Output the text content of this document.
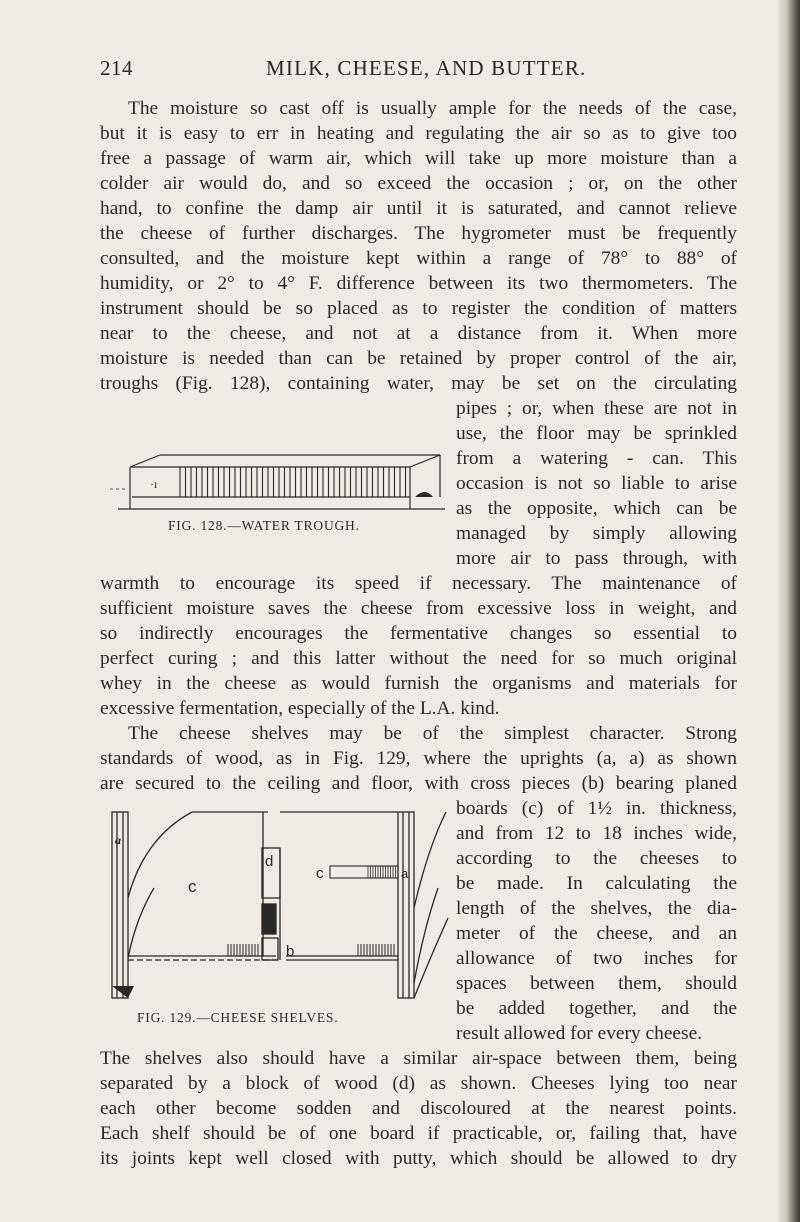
214	MILK, CHEESE, AND BUTTER.
The moisture so cast off is usually ample for the needs of the case,
but it is easy to err in heating and regulating the air so as to give too
free a passage of warm air, which will take up more moisture than a
colder air would do, and so exceed the occasion ; or, on the other
hand, to confine the damp air until it is saturated, and cannot relieve
the cheese of further discharges. The hygrometer must be frequently
consulted, and the moisture kept within a range of 78° to 88° of
humidity, or 2° to 4° F. difference between its two thermometers. The
instrument should be so placed as to register the condition of matters
near to the cheese, and not at a distance from it. When more
moisture is needed than can be retained by proper control of the air,
troughs (Fig. 128), containing water, may be set on the circulating
pipes ; or, when these are not in
use, the floor may be sprinkled
from a watering - can. This
occasion is not so liable to arise
as the opposite, which can be
managed by simply allowing
more air to pass through, with
·ı
FIG. 128.—WATER TROUGH.
warmth to encourage its speed if necessary. The maintenance of
sufficient moisture saves the cheese from excessive loss in weight, and
so indirectly encourages the fermentative changes so essential to
perfect curing ; and this latter without the need for so much original
whey in the cheese as would furnish the organisms and materials for
excessive fermentation, especially of the L.A. kind.
The cheese shelves may be of the simplest character. Strong
standards of wood, as in Fig. 129, where the uprights (a, a) as shown
are secured to the ceiling and floor, with cross pieces (b) bearing planed
boards (c) of 1½ in. thickness,
and from 12 to 18 inches wide,
according to the cheeses to
be made. In calculating the
length of the shelves, the dia-
meter of the cheese, and an
allowance of two inches for
spaces between them, should
be added together, and the
result allowed for every cheese.
a
c
d
b
c	a
FIG. 129.—CHEESE SHELVES.
The shelves also should have a similar air-space between them, being
separated by a block of wood (d) as shown. Cheeses lying too near
each other become sodden and discoloured at the nearest points.
Each shelf should be of one board if practicable, or, failing that, have
its joints kept well closed with putty, which should be allowed to dry
